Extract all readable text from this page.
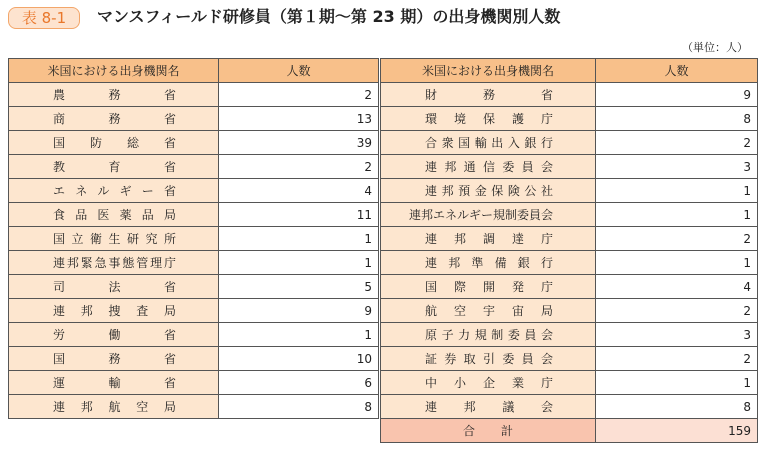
表 8-1	マンスフィールド研修員（第１期～第 23 期）の出身機関別人数
（単位：人）
米国における出身機関名	人数
農務省	2
商務省	13
国防総省	39
教育省	2
エネルギー省	4
食品医薬品局	11
国立衛生研究所	1
連邦緊急事態管理庁	1
司法省	5
連邦捜査局	9
労働省	1
国務省	10
運輸省	6
連邦航空局	8
米国における出身機関名	人数
財務省	9
環境保護庁	8
合衆国輸出入銀行	2
連邦通信委員会	3
連邦預金保険公社	1
連邦エネルギー規制委員会	1
連邦調達庁	2
連邦準備銀行	1
国際開発庁	4
航空宇宙局	2
原子力規制委員会	3
証券取引委員会	2
中小企業庁	1
連邦議会	8
合計	159
